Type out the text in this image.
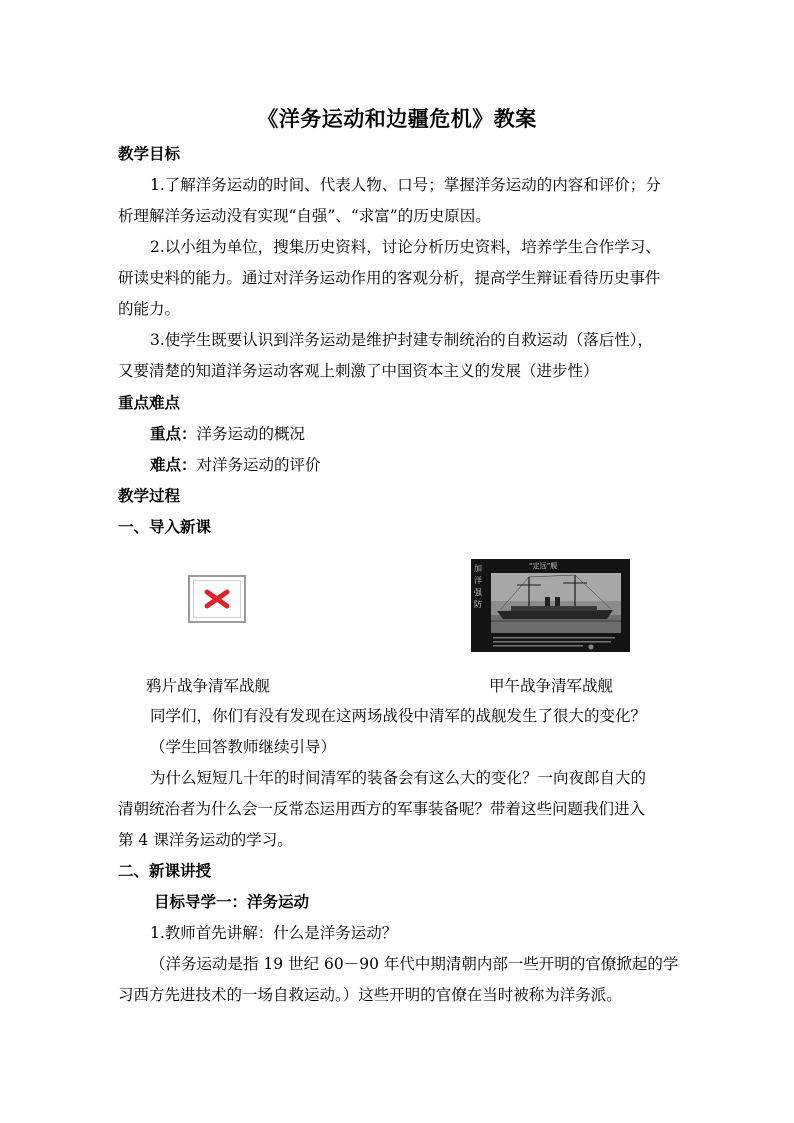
《洋务运动和边疆危机》教案
教学目标
1.了解洋务运动的时间、代表人物、口号；掌握洋务运动的内容和评价；分
析理解洋务运动没有实现“自强”、“求富”的历史原因。
2.以小组为单位，搜集历史资料，讨论分析历史资料，培养学生合作学习、
研读史料的能力。通过对洋务运动作用的客观分析，提高学生辩证看待历史事件
的能力。
3.使学生既要认识到洋务运动是维护封建专制统治的自救运动（落后性），
又要清楚的知道洋务运动客观上刺激了中国资本主义的发展（进步性）
重点难点
重点：洋务运动的概况
难点：对洋务运动的评价
教学过程
一、导入新课
“定远”舰
加
洋
强
防
鸦片战争清军战舰	甲午战争清军战舰
同学们，你们有没有发现在这两场战役中清军的战舰发生了很大的变化？
（学生回答教师继续引导）
为什么短短几十年的时间清军的装备会有这么大的变化？一向夜郎自大的
清朝统治者为什么会一反常态运用西方的军事装备呢？带着这些问题我们进入
第 4 课洋务运动的学习。
二、新课讲授
目标导学一：洋务运动
1.教师首先讲解：什么是洋务运动？
（洋务运动是指 19 世纪 60－90 年代中期清朝内部一些开明的官僚掀起的学
习西方先进技术的一场自救运动。）这些开明的官僚在当时被称为洋务派。
